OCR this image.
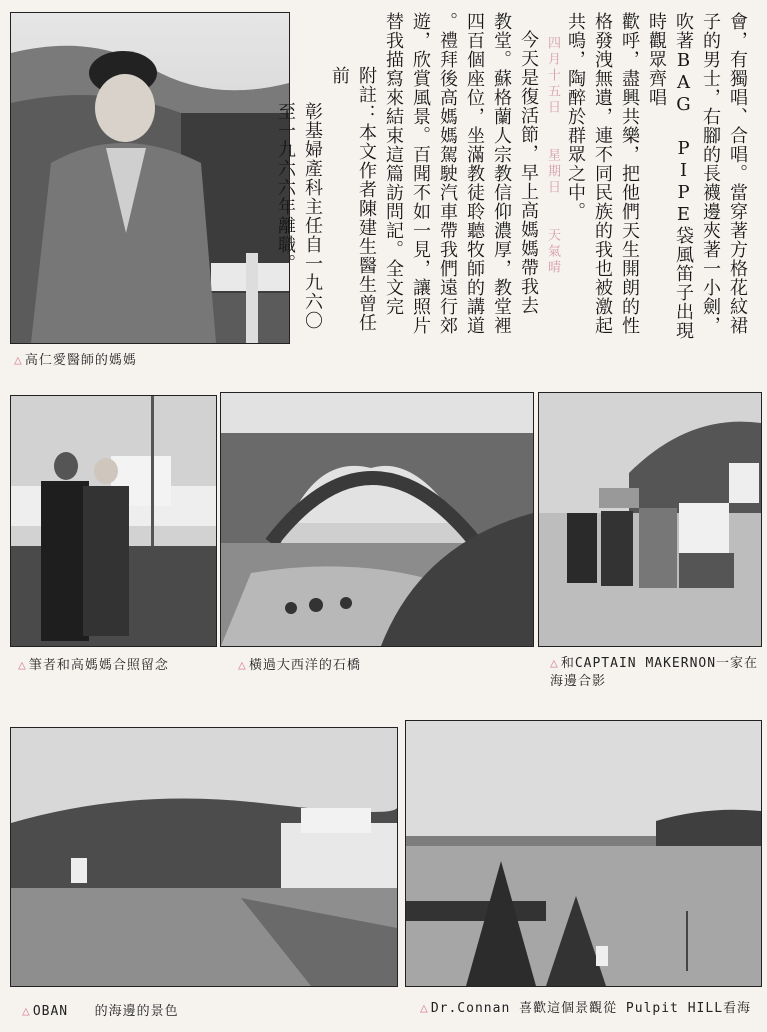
△ 高仁愛醫師的媽媽

會，有獨唱、合唱。當穿著方格花紋裙

子的男士，右腳的長襪邊夾著一小劍，

吹著BAG PIPE袋風笛子出現時觀眾齊唱

歡呼，盡興共樂，把他們天生開朗的性

格發洩無遺，連不同民族的我也被激起

共鳴，陶醉於群眾之中。

四月十五日 星期日 天氣晴

今天是復活節，早上高媽媽帶我去

教堂。蘇格蘭人宗教信仰濃厚，教堂裡

四百個座位，坐滿教徒聆聽牧師的講道

。禮拜後高媽媽駕駛汽車帶我們遠行郊

遊，欣賞風景。百聞不如一見，讓照片

替我描寫來結束這篇訪問記。全文完

附註：本文作者陳建生醫生曾任前

彰基婦產科主任自一九六〇

至一九六六年離職。

△ 筆者和高媽媽合照留念	△ 橫過大西洋的石橋	△ 和CAPTAIN MAKERNON一家在
海邊合影
△ OBAN 的海邊的景色	△ Dr.Connan 喜歡這個景觀從 Pulpit HILL看海
